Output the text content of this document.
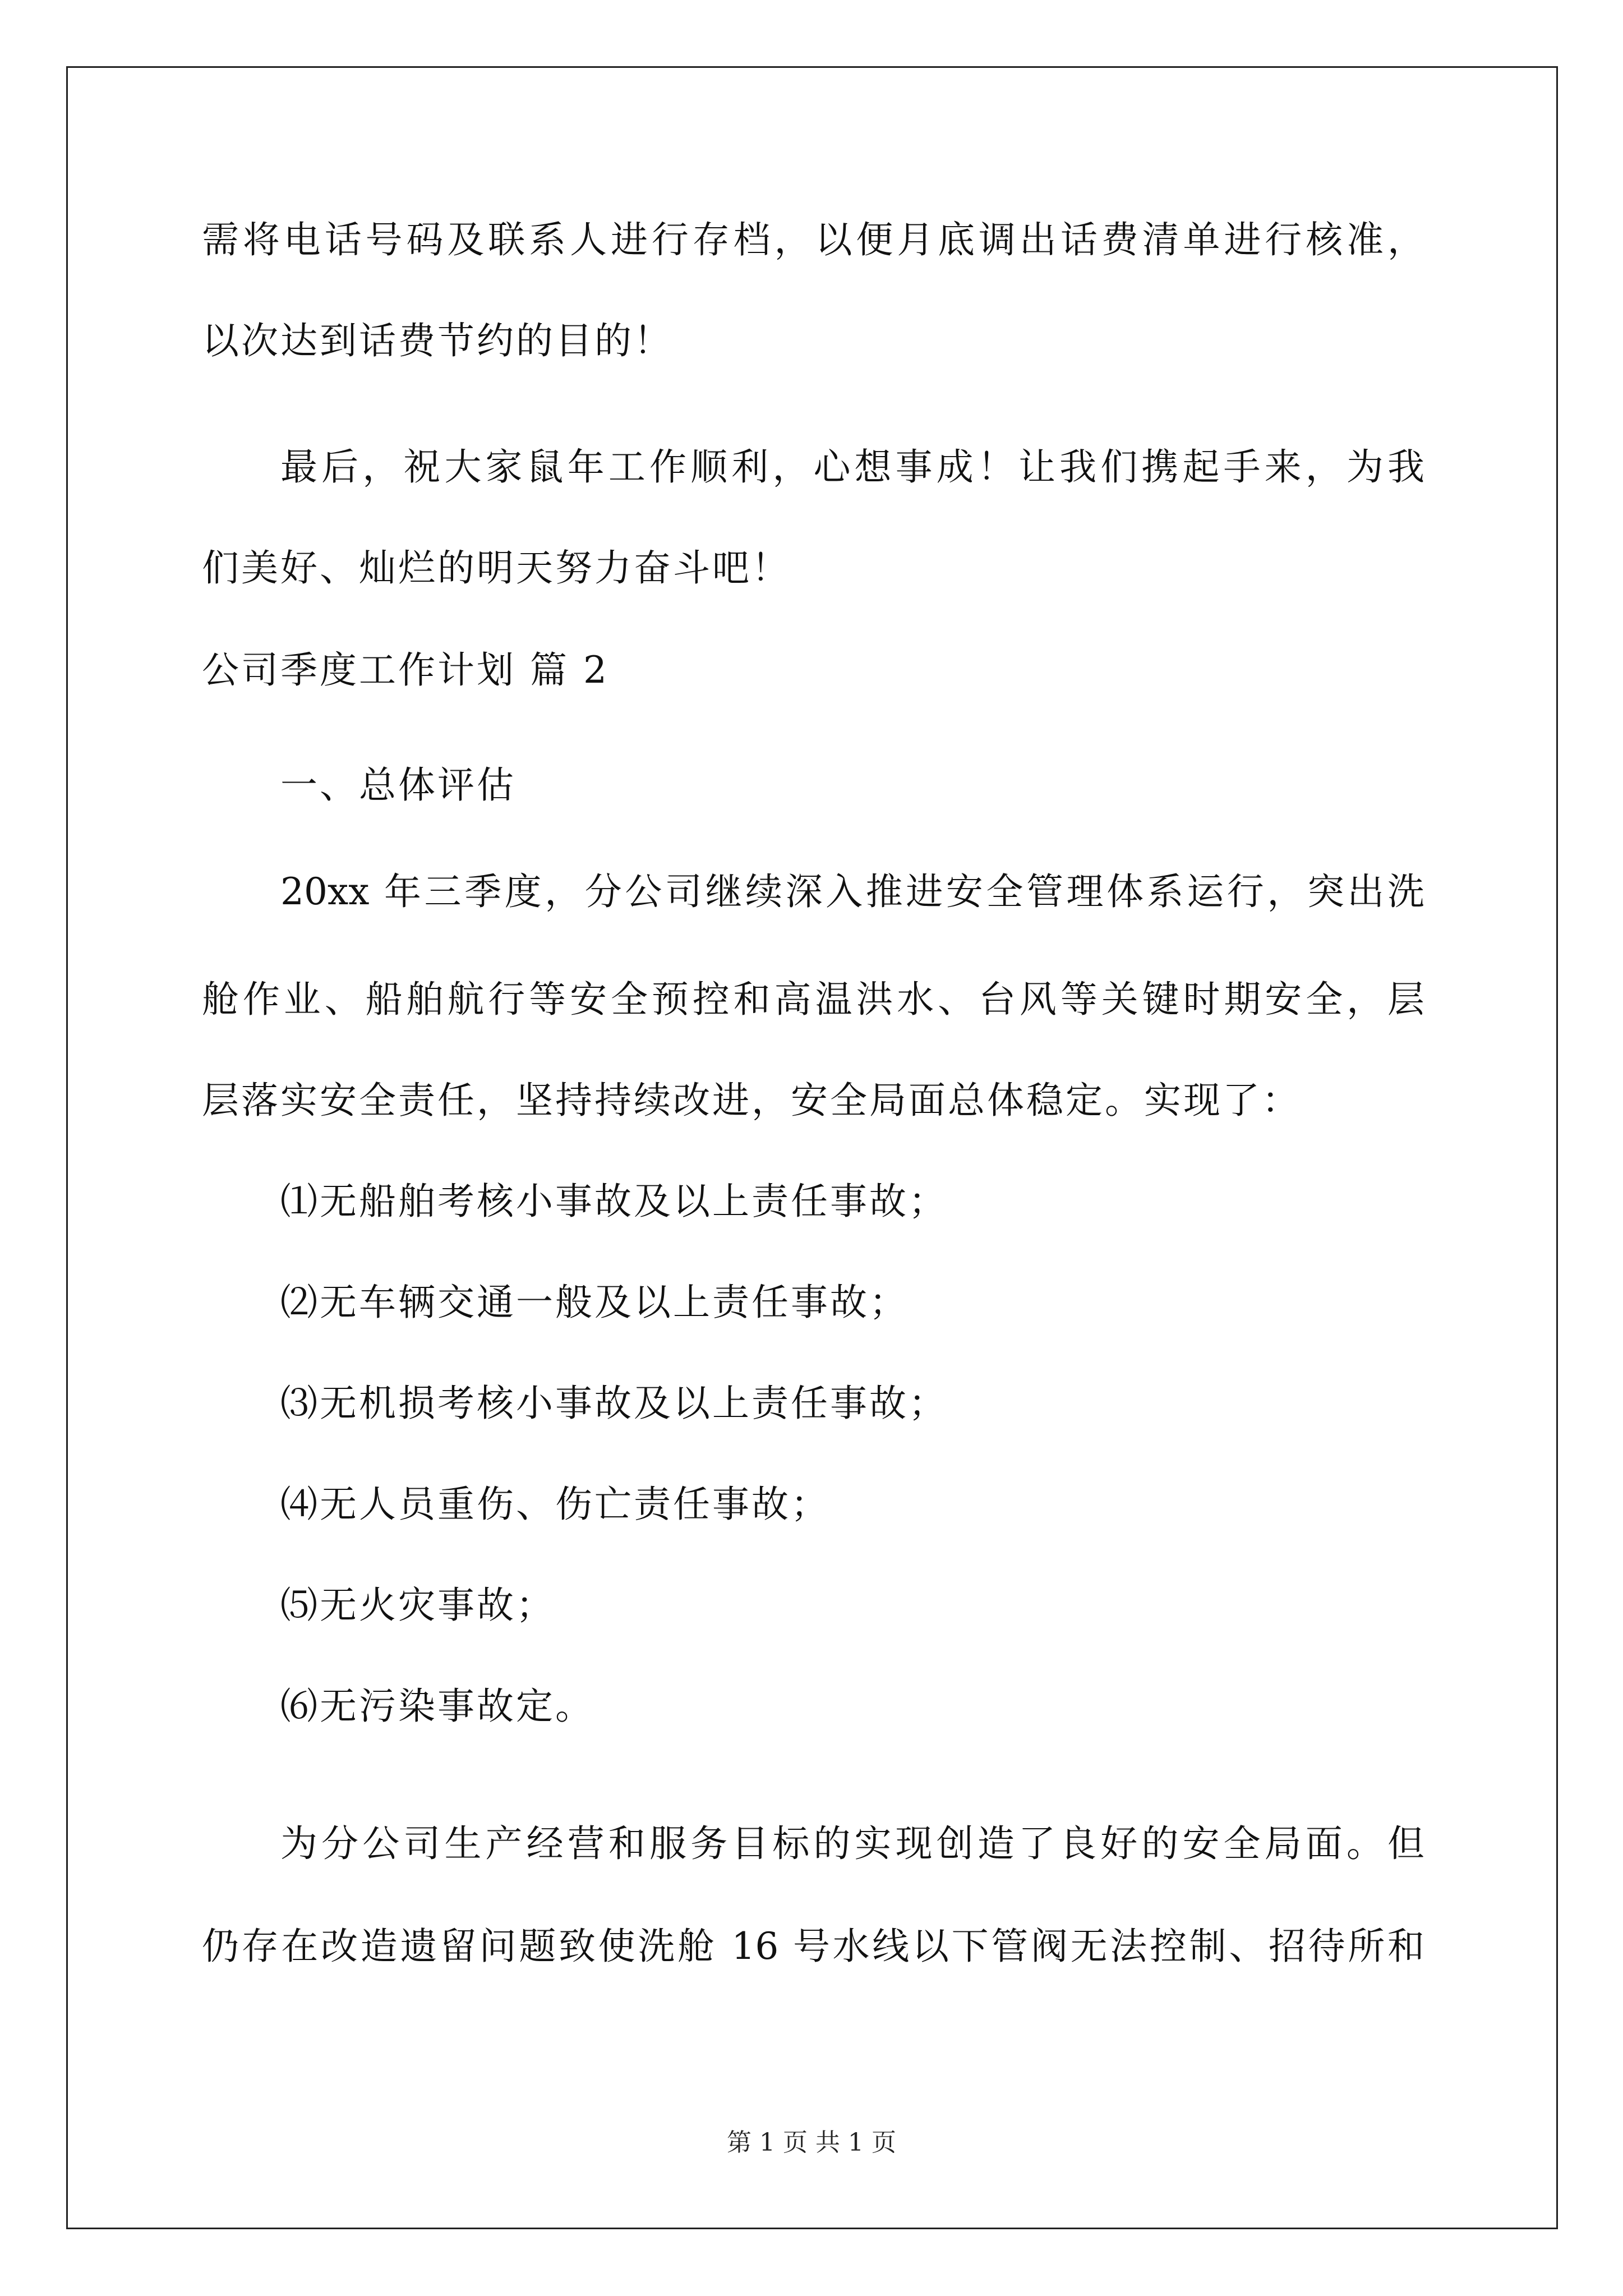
需将电话号码及联系人进行存档，以便月底调出话费清单进行核准，
以次达到话费节约的目的！
最后，祝大家鼠年工作顺利，心想事成！让我们携起手来，为我
们美好、灿烂的明天努力奋斗吧！
公司季度工作计划 篇 2
一、总体评估
20xx 年三季度，分公司继续深入推进安全管理体系运行，突出洗
舱作业、船舶航行等安全预控和高温洪水、台风等关键时期安全，层
层落实安全责任，坚持持续改进，安全局面总体稳定。实现了：
⑴无船舶考核小事故及以上责任事故；
⑵无车辆交通一般及以上责任事故；
⑶无机损考核小事故及以上责任事故；
⑷无人员重伤、伤亡责任事故；
⑸无火灾事故；
⑹无污染事故定。
为分公司生产经营和服务目标的实现创造了良好的安全局面。但
仍存在改造遗留问题致使洗舱 16 号水线以下管阀无法控制、招待所和
第 1 页 共 1 页
